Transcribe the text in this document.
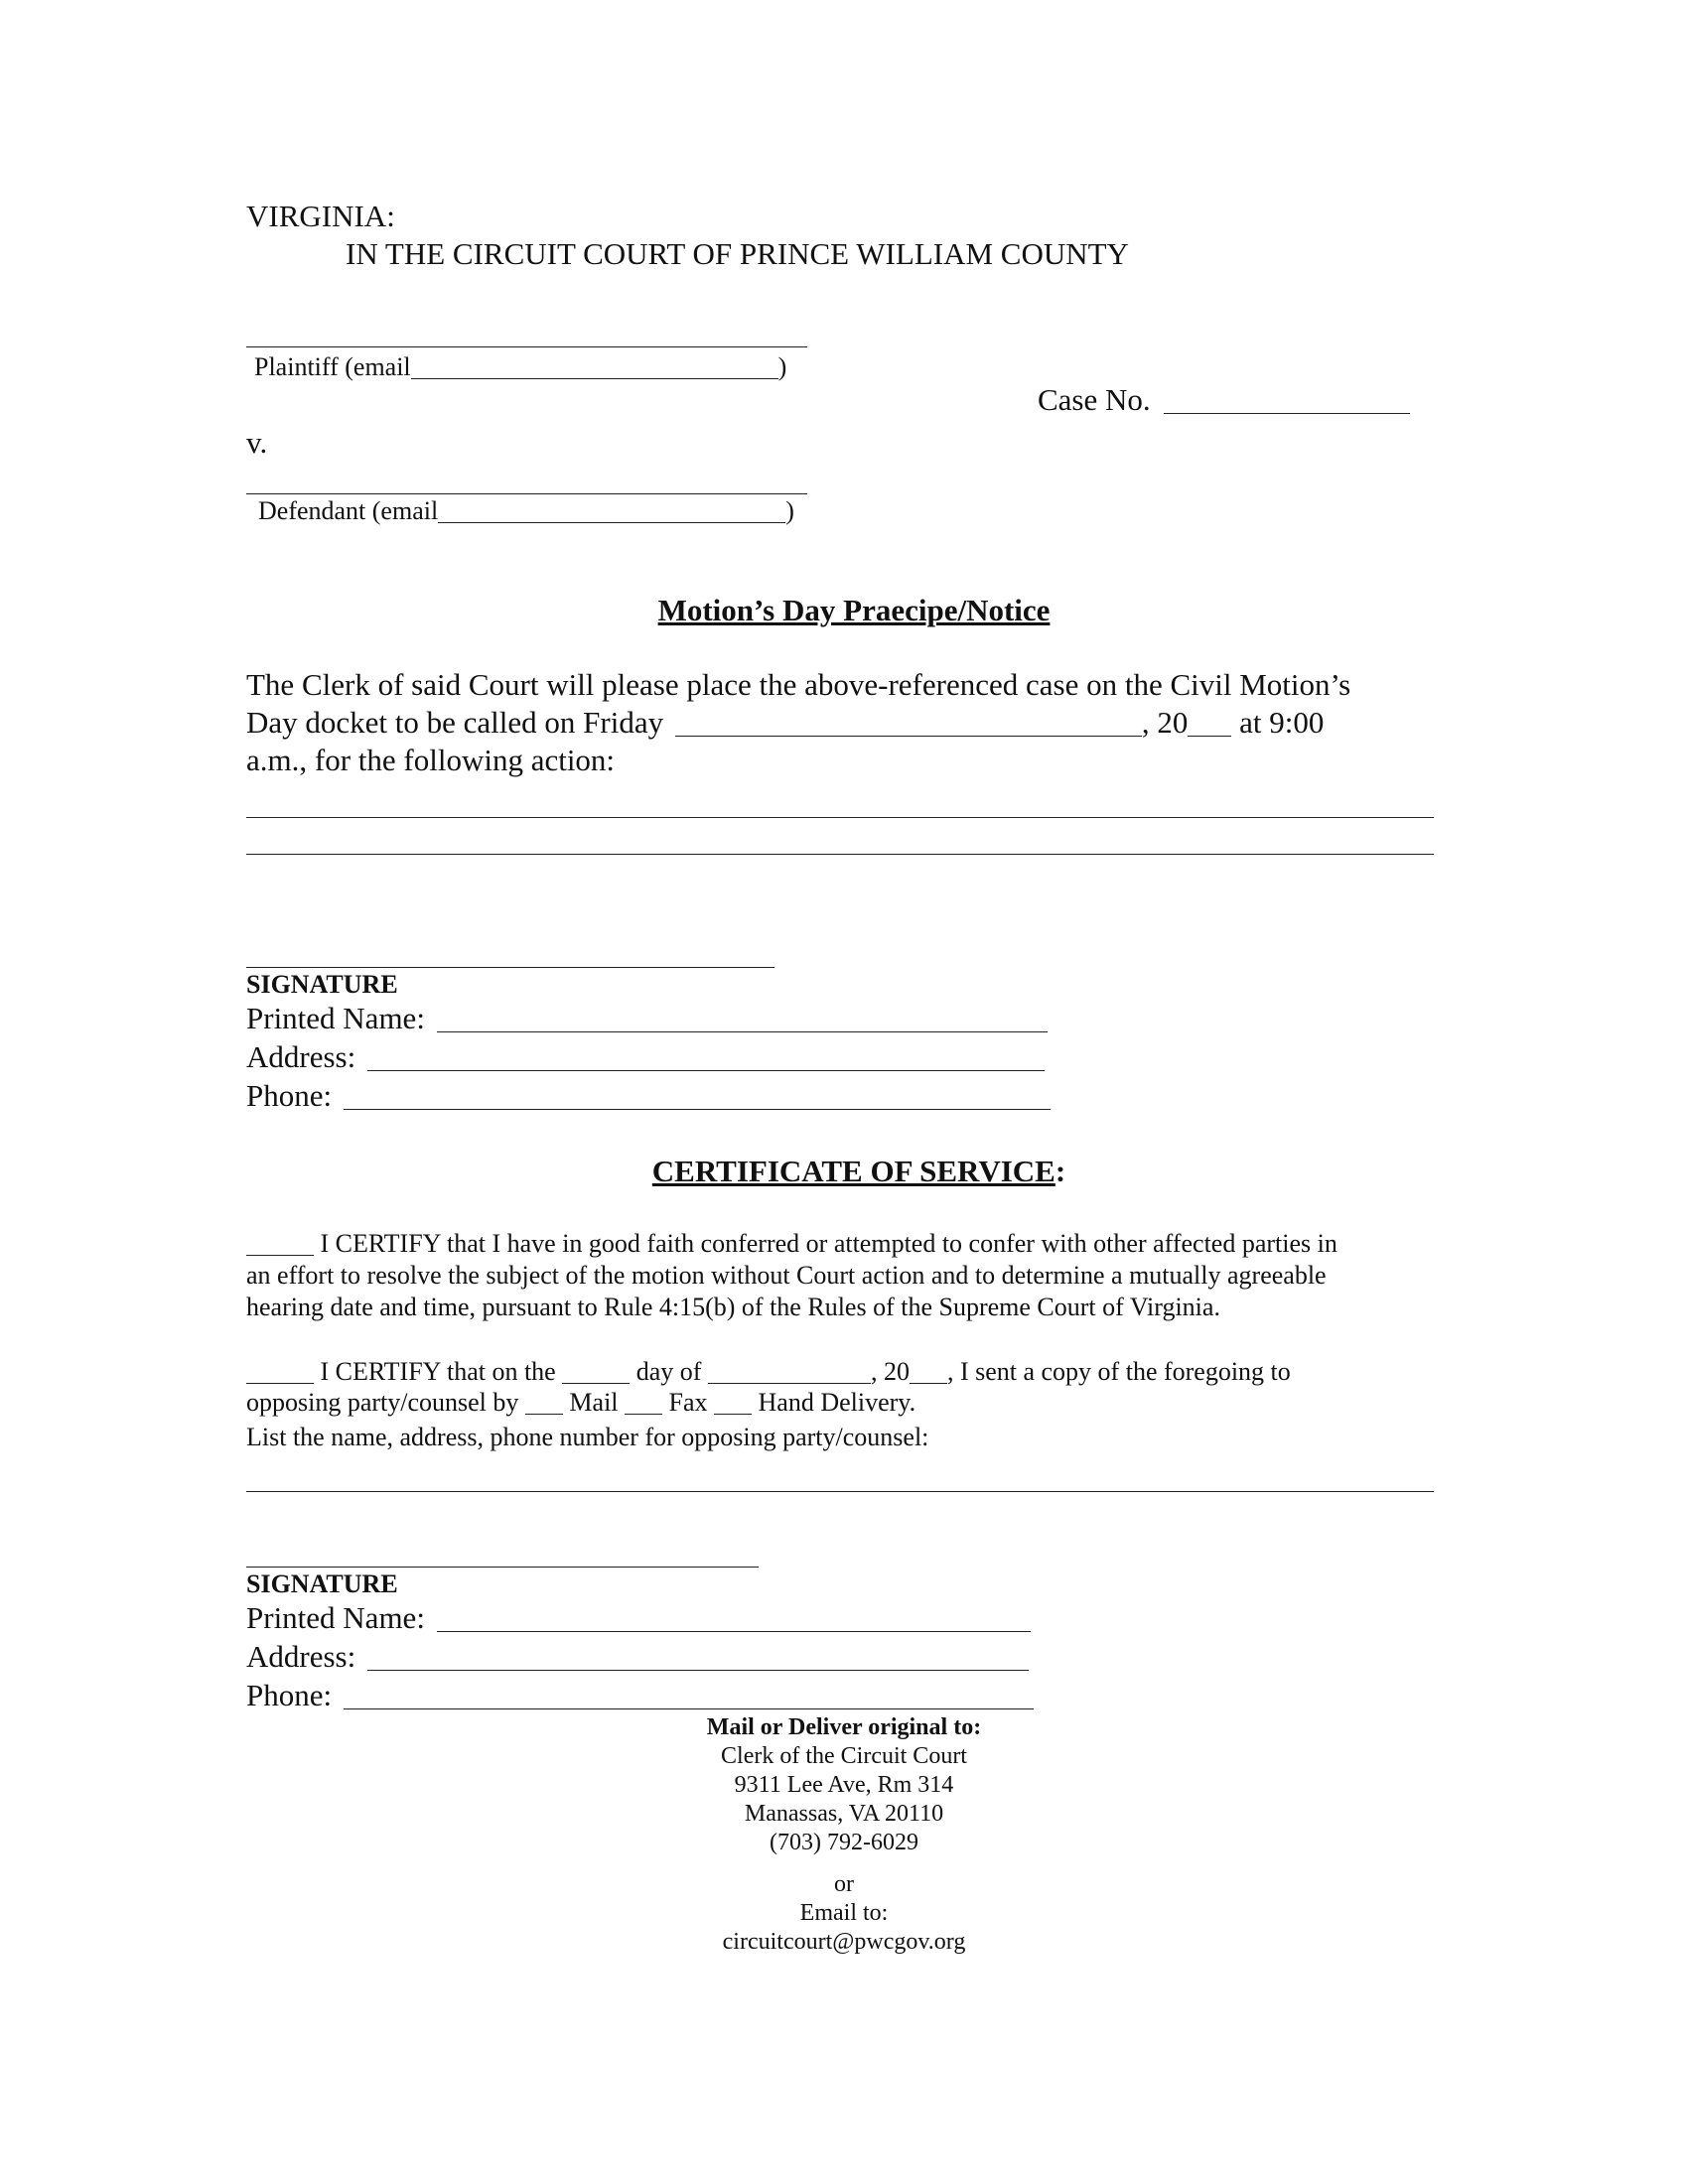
VIRGINIA:
IN THE CIRCUIT COURT OF PRINCE WILLIAM COUNTY
Plaintiff (email	)
Case No.
v.
Defendant (email	)
Motion’s Day Praecipe/Notice
The Clerk of said Court will please place the above-referenced case on the Civil Motion’s
Day docket to be called on Friday	, 20 at 9:00
a.m., for the following action:
SIGNATURE
Printed Name:
Address:
Phone:
CERTIFICATE OF SERVICE:
I CERTIFY that I have in good faith conferred or attempted to confer with other affected parties in
an effort to resolve the subject of the motion without Court action and to determine a mutually agreeable
hearing date and time, pursuant to Rule 4:15(b) of the Rules of the Supreme Court of Virginia.
I CERTIFY that on the	day of	, 20 , I sent a copy of the foregoing to
opposing party/counsel by Mail Fax Hand Delivery.
List the name, address, phone number for opposing party/counsel:
SIGNATURE
Printed Name:
Address:
Phone:
Mail or Deliver original to:
Clerk of the Circuit Court
9311 Lee Ave, Rm 314
Manassas, VA 20110
(703) 792-6029
or
Email to:
circuitcourt@pwcgov.org
